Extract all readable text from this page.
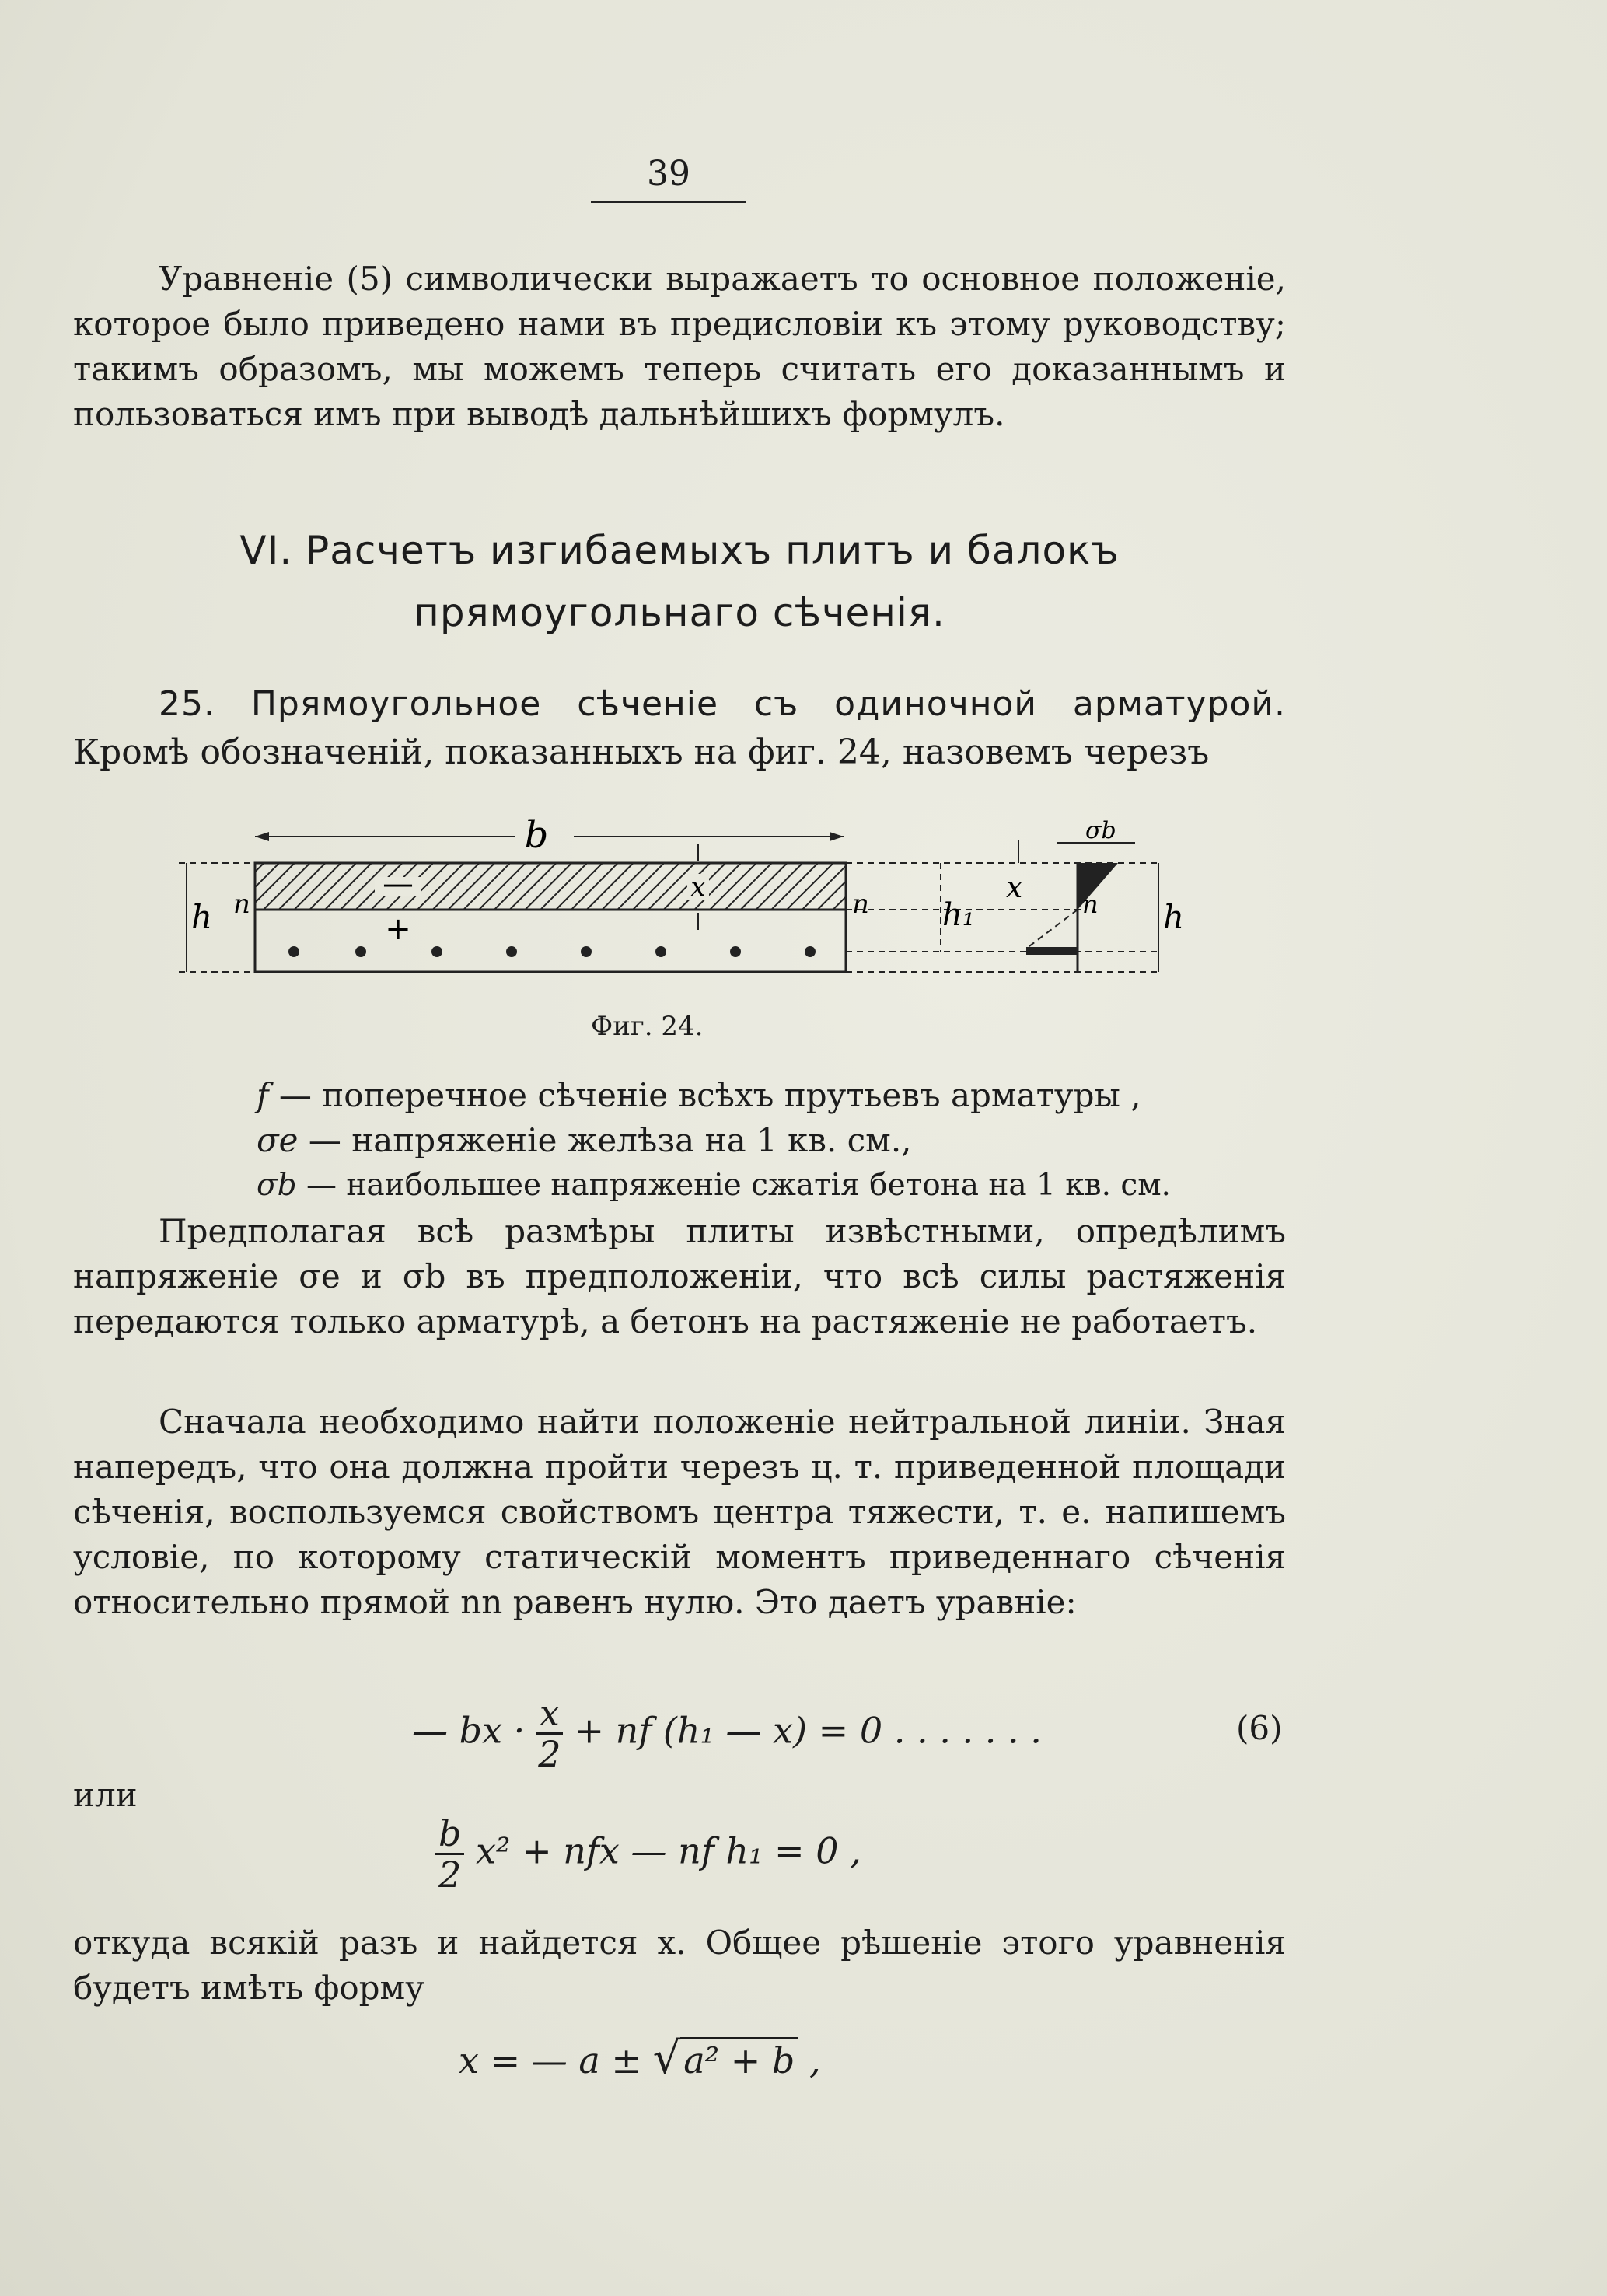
39
Уравненіе (5) символически выражаетъ то основное положеніе, которое было приведено нами въ предисловіи къ этому руководству; такимъ образомъ, мы можемъ теперь считать его доказаннымъ и пользоваться имъ при выводѣ дальнѣйшихъ формулъ.
VI. Расчетъ изгибаемыхъ плитъ и балокъ
прямоугольнаго сѣченія.
25. Прямоугольное сѣченіе съ одиночной арматурой. Кромѣ обозначеній, показанныхъ на фиг. 24, назовемъ черезъ
b
—
+
x
h n	n h₁
x n
σb
h
Фиг. 24.
f — поперечное сѣченіе всѣхъ прутьевъ арматуры ,
σe — напряженіе желѣза на 1 кв. см.,
σb — наибольшее напряженіе сжатія бетона на 1 кв. см.
Предполагая всѣ размѣры плиты извѣстными, опредѣлимъ напряженіе σe и σb въ предположеніи, что всѣ силы растяженія передаются только арматурѣ, а бетонъ на растяженіе не работаетъ.
Сначала необходимо найти положеніе нейтральной линіи. Зная напередъ, что она должна пройти черезъ ц. т. приведенной площади сѣченія, воспользуемся свойствомъ центра тяжести, т. е. напишемъ условіе, по которому статическій моментъ приведеннаго сѣченія относительно прямой nn равенъ нулю. Это даетъ уравніе:
— bx · $\frac{x}{2}$ + nf (h₁ — x) = 0 . . . . . . .	(6)
или
$\frac{b}{2} x^2$ + nfx — nf h₁ = 0 ,
откуда всякій разъ и найдется x. Общее рѣшеніе этого уравненія будетъ имѣть форму
x = — a ± √a² + b ,
